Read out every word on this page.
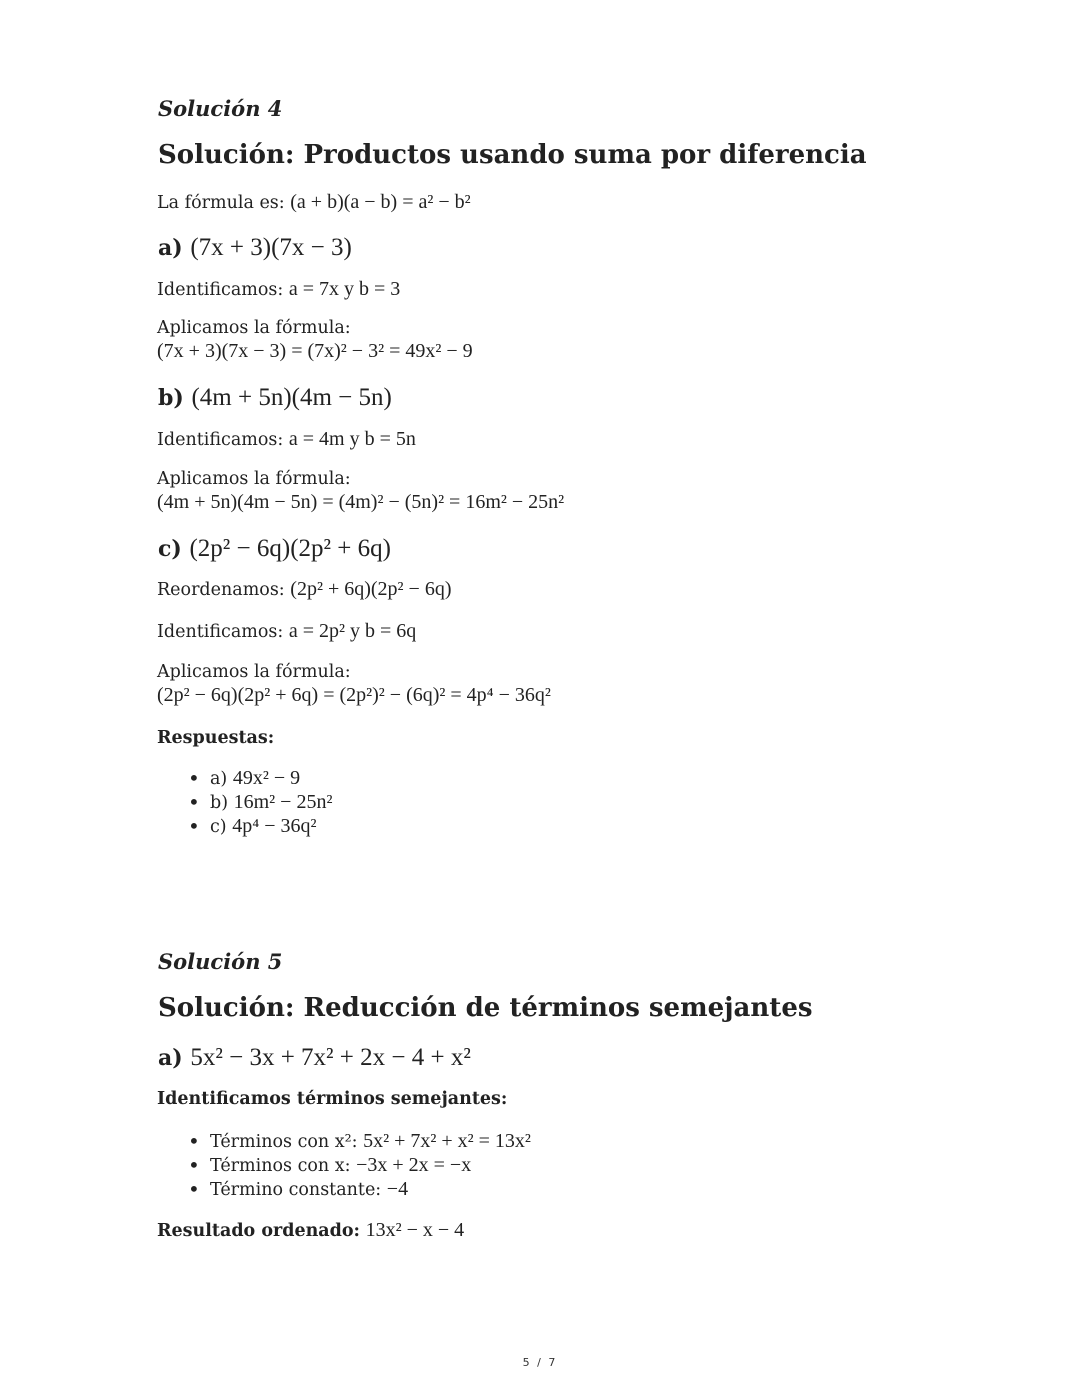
Solución 4
Solución: Productos usando suma por diferencia
La fórmula es: (a + b)(a − b) = a² − b²
a) (7x + 3)(7x − 3)
Identificamos: a = 7x y b = 3
Aplicamos la fórmula:
(7x + 3)(7x − 3) = (7x)² − 3² = 49x² − 9
b) (4m + 5n)(4m − 5n)
Identificamos: a = 4m y b = 5n
Aplicamos la fórmula:
(4m + 5n)(4m − 5n) = (4m)² − (5n)² = 16m² − 25n²
c) (2p² − 6q)(2p² + 6q)
Reordenamos: (2p² + 6q)(2p² − 6q)
Identificamos: a = 2p² y b = 6q
Aplicamos la fórmula:
(2p² − 6q)(2p² + 6q) = (2p²)² − (6q)² = 4p⁴ − 36q²
Respuestas:
• a) 49x² − 9
• b) 16m² − 25n²
• c) 4p⁴ − 36q²
Solución 5
Solución: Reducción de términos semejantes
a) 5x² − 3x + 7x² + 2x − 4 + x²
Identificamos términos semejantes:
• Términos con x²: 5x² + 7x² + x² = 13x²
• Términos con x: −3x + 2x = −x
• Término constante: −4
Resultado ordenado: 13x² − x − 4
5 / 7
